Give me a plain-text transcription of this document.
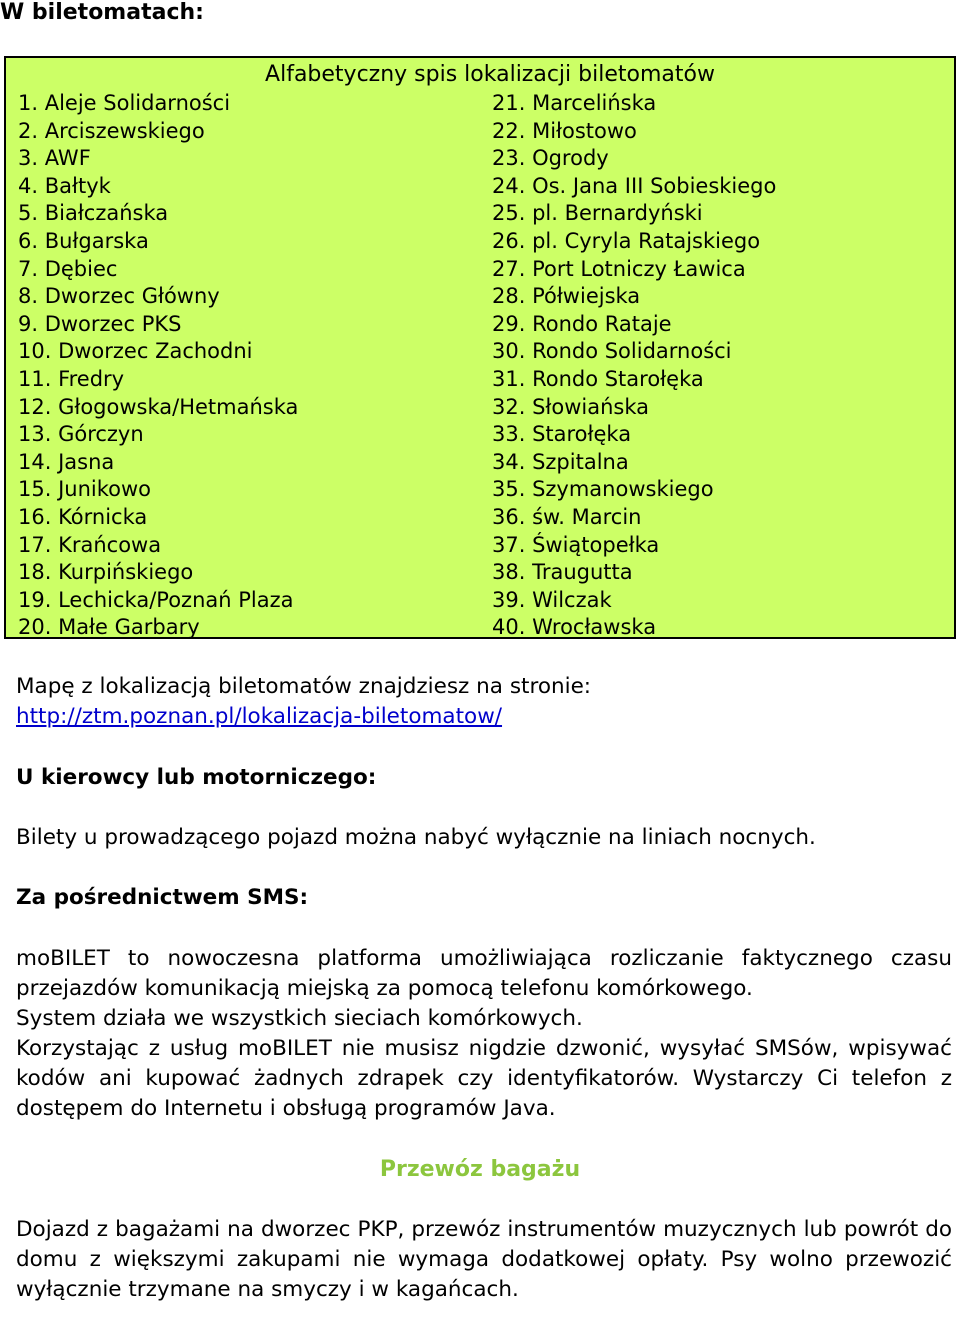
W biletomatach:
Alfabetyczny spis lokalizacji biletomatów
1. Aleje Solidarności
2. Arciszewskiego
3. AWF
4. Bałtyk
5. Białczańska
6. Bułgarska
7. Dębiec
8. Dworzec Główny
9. Dworzec PKS
10. Dworzec Zachodni
11. Fredry
12. Głogowska/Hetmańska
13. Górczyn
14. Jasna
15. Junikowo
16. Kórnicka
17. Krańcowa
18. Kurpińskiego
19. Lechicka/Poznań Plaza
20. Małe Garbary
21. Marcelińska
22. Miłostowo
23. Ogrody
24. Os. Jana III Sobieskiego
25. pl. Bernardyński
26. pl. Cyryla Ratajskiego
27. Port Lotniczy Ławica
28. Półwiejska
29. Rondo Rataje
30. Rondo Solidarności
31. Rondo Starołęka
32. Słowiańska
33. Starołęka
34. Szpitalna
35. Szymanowskiego
36. św. Marcin
37. Świątopełka
38. Traugutta
39. Wilczak
40. Wrocławska

Mapę z lokalizacją biletomatów znajdziesz na stronie:

http://ztm.poznan.pl/lokalizacja-biletomatow/

U kierowcy lub motorniczego:

Bilety u prowadzącego pojazd można nabyć wyłącznie na liniach nocnych.

Za pośrednictwem SMS:

moBILET to nowoczesna platforma umożliwiająca rozliczanie faktycznego czasu przejazdów komunikacją miejską za pomocą telefonu komórkowego.

System działa we wszystkich sieciach komórkowych.

Korzystając z usług moBILET nie musisz nigdzie dzwonić, wysyłać SMSów, wpisywać kodów ani kupować żadnych zdrapek czy identyfikatorów. Wystarczy Ci telefon z dostępem do Internetu i obsługą programów Java.

Przewóz bagażu

Dojazd z bagażami na dworzec PKP, przewóz instrumentów muzycznych lub powrót do domu z większymi zakupami nie wymaga dodatkowej opłaty. Psy wolno przewozić wyłącznie trzymane na smyczy i w kagańcach.
